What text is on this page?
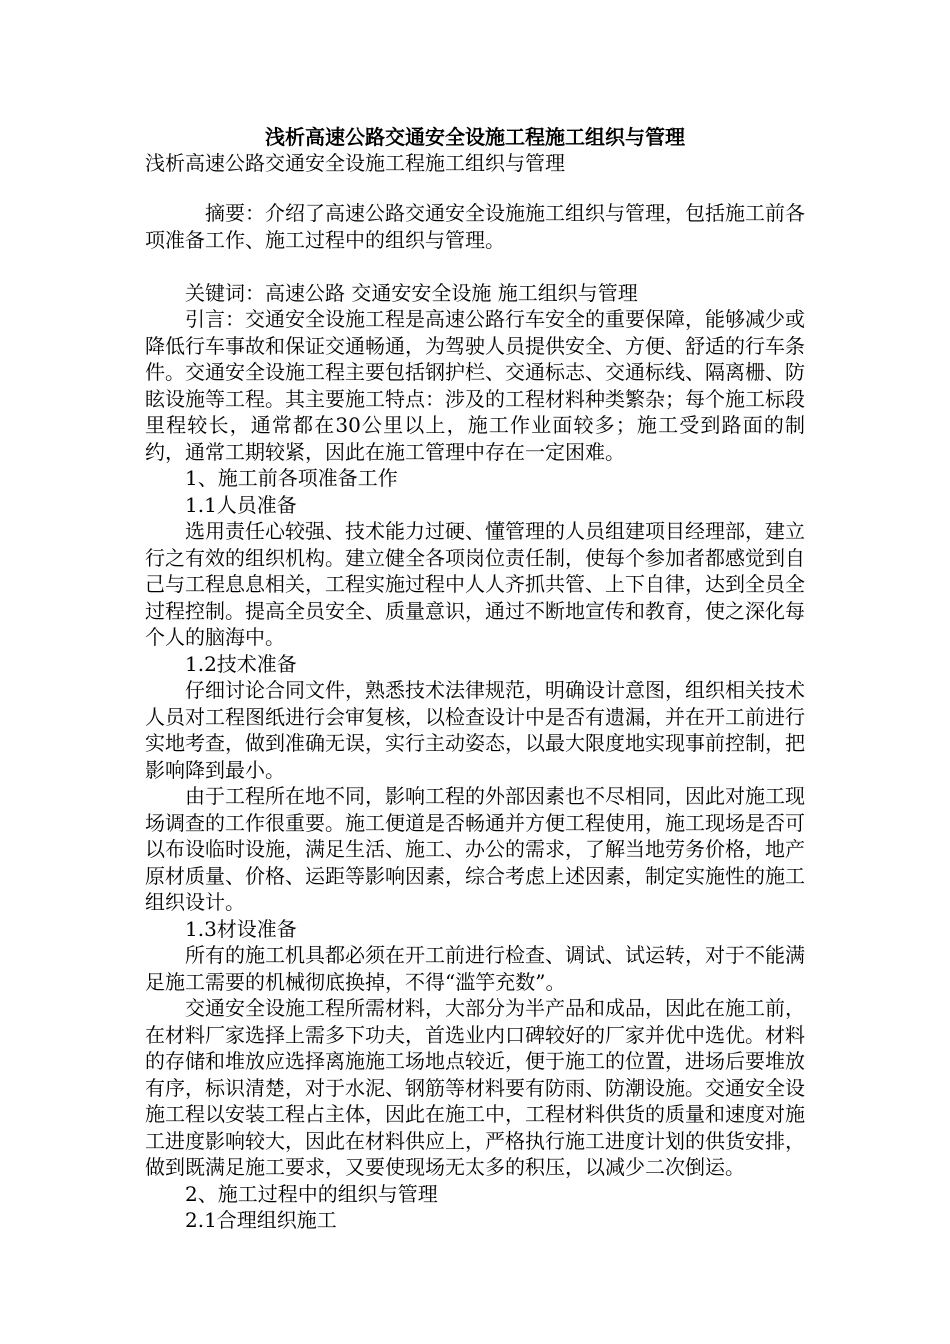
浅析高速公路交通安全设施工程施工组织与管理
浅析高速公路交通安全设施工程施工组织与管理

摘要：介绍了高速公路交通安全设施施工组织与管理，包括施工前各项准备工作、施工过程中的组织与管理。

关键词：高速公路 交通安安全设施 施工组织与管理

引言：交通安全设施工程是高速公路行车安全的重要保障，能够减少或降低行车事故和保证交通畅通，为驾驶人员提供安全、方便、舒适的行车条件。交通安全设施工程主要包括钢护栏、交通标志、交通标线、隔离栅、防眩设施等工程。其主要施工特点：涉及的工程材料种类繁杂；每个施工标段里程较长，通常都在30公里以上，施工作业面较多；施工受到路面的制约，通常工期较紧，因此在施工管理中存在一定困难。

1、施工前各项准备工作

1.1人员准备

选用责任心较强、技术能力过硬、懂管理的人员组建项目经理部，建立行之有效的组织机构。建立健全各项岗位责任制，使每个参加者都感觉到自己与工程息息相关，工程实施过程中人人齐抓共管、上下自律，达到全员全过程控制。提高全员安全、质量意识，通过不断地宣传和教育，使之深化每个人的脑海中。

1.2技术准备

仔细讨论合同文件，熟悉技术法律规范，明确设计意图，组织相关技术人员对工程图纸进行会审复核，以检查设计中是否有遗漏，并在开工前进行实地考查，做到准确无误，实行主动姿态，以最大限度地实现事前控制，把影响降到最小。

由于工程所在地不同，影响工程的外部因素也不尽相同，因此对施工现场调查的工作很重要。施工便道是否畅通并方便工程使用，施工现场是否可以布设临时设施，满足生活、施工、办公的需求，了解当地劳务价格，地产原材质量、价格、运距等影响因素，综合考虑上述因素，制定实施性的施工组织设计。

1.3材设准备

所有的施工机具都必须在开工前进行检查、调试、试运转，对于不能满足施工需要的机械彻底换掉，不得“滥竽充数”。

交通安全设施工程所需材料，大部分为半产品和成品，因此在施工前，在材料厂家选择上需多下功夫，首选业内口碑较好的厂家并优中选优。材料的存储和堆放应选择离施施工场地点较近，便于施工的位置，进场后要堆放有序，标识清楚，对于水泥、钢筋等材料要有防雨、防潮设施。交通安全设施工程以安装工程占主体，因此在施工中，工程材料供货的质量和速度对施工进度影响较大，因此在材料供应上，严格执行施工进度计划的供货安排，做到既满足施工要求，又要使现场无太多的积压，以减少二次倒运。

2、施工过程中的组织与管理

2.1合理组织施工
